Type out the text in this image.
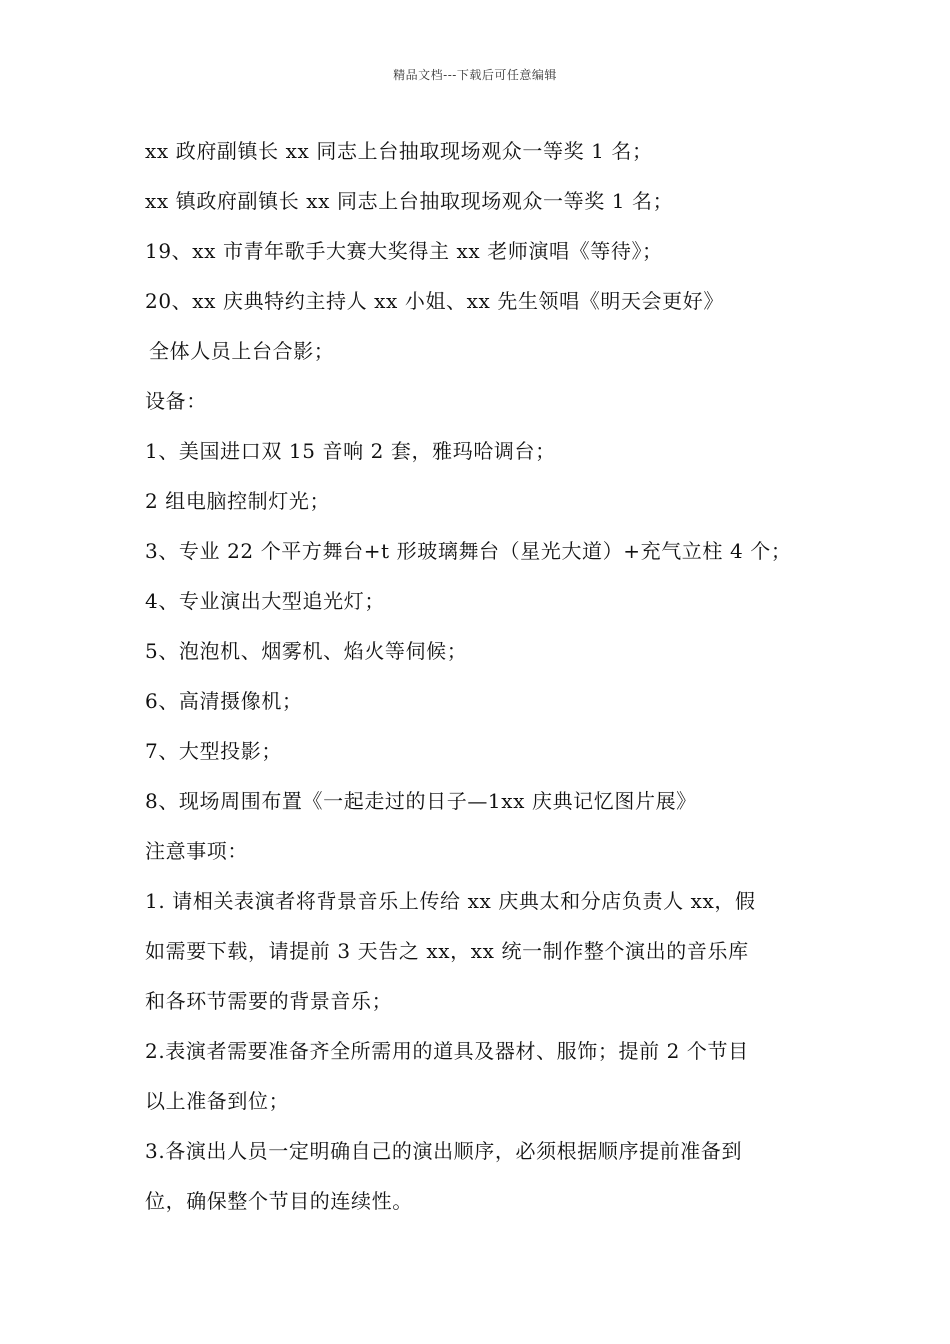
精品文档---下载后可任意编辑
xx 政府副镇长 xx 同志上台抽取现场观众一等奖 1 名；
xx 镇政府副镇长 xx 同志上台抽取现场观众一等奖 1 名；
19、xx 市青年歌手大赛大奖得主 xx 老师演唱《等待》；
20、xx 庆典特约主持人 xx 小姐、xx 先生领唱《明天会更好》
全体人员上台合影；
设备：
1、美国进口双 15 音响 2 套，雅玛哈调台；
2 组电脑控制灯光；
3、专业 22 个平方舞台+t 形玻璃舞台（星光大道）+充气立柱 4 个；
4、专业演出大型追光灯；
5、泡泡机、烟雾机、焰火等伺候；
6、高清摄像机；
7、大型投影；
8、现场周围布置《一起走过的日子—1xx 庆典记忆图片展》
注意事项：
1. 请相关表演者将背景音乐上传给 xx 庆典太和分店负责人 xx，假
如需要下载，请提前 3 天告之 xx，xx 统一制作整个演出的音乐库
和各环节需要的背景音乐；
2.表演者需要准备齐全所需用的道具及器材、服饰；提前 2 个节目
以上准备到位；
3.各演出人员一定明确自己的演出顺序，必须根据顺序提前准备到
位，确保整个节目的连续性。
